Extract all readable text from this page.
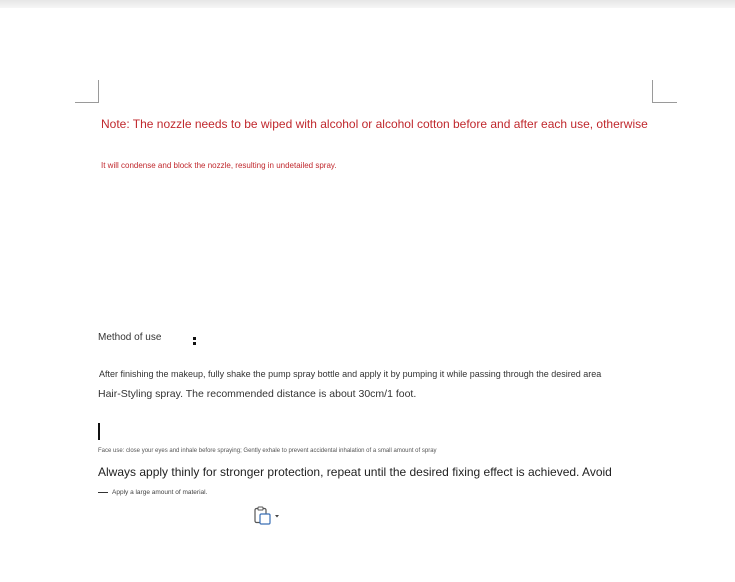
Note: The nozzle needs to be wiped with alcohol or alcohol cotton before and after each use, otherwise
It will condense and block the nozzle, resulting in undetailed spray.
Method of use
After finishing the makeup, fully shake the pump spray bottle and apply it by pumping it while passing through the desired area
Hair-Styling spray. The recommended distance is about 30cm/1 foot.
Face use: close your eyes and inhale before spraying; Gently exhale to prevent accidental inhalation of a small amount of spray
Always apply thinly for stronger protection, repeat until the desired fixing effect is achieved. Avoid
Apply a large amount of material.
